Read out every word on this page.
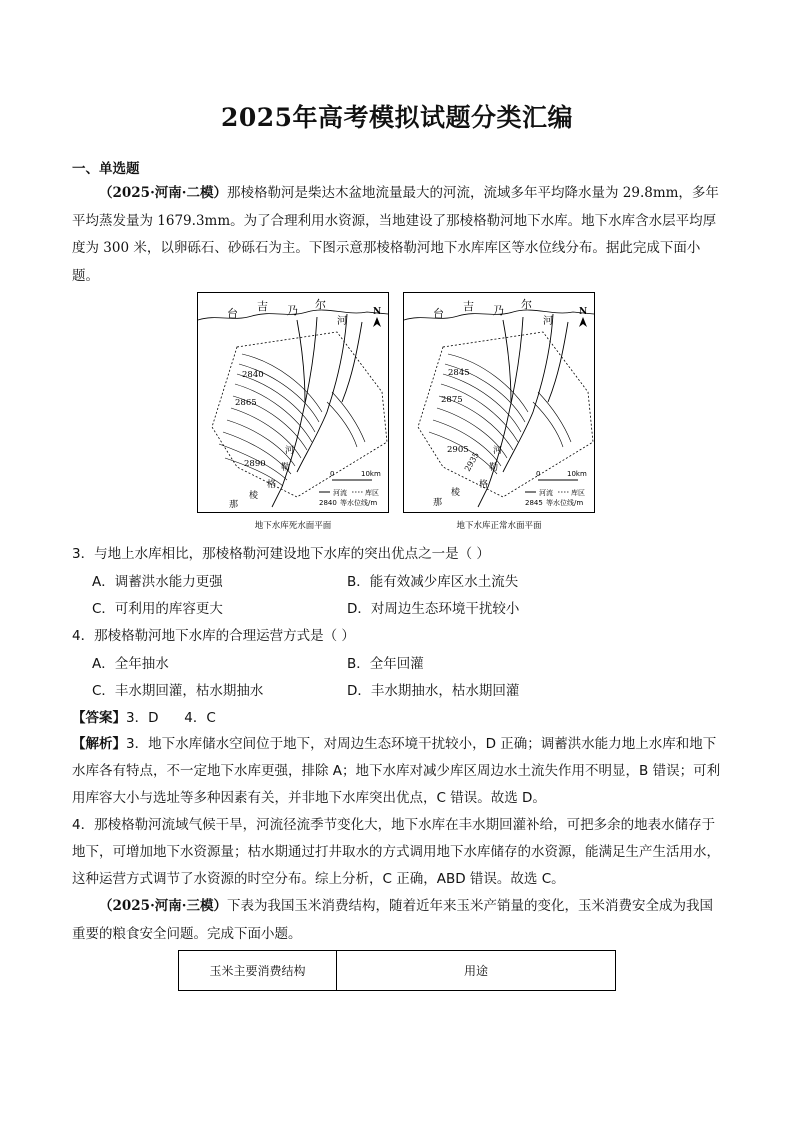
2025年高考模拟试题分类汇编
一、单选题
（2025·河南·二模）那棱格勒河是柴达木盆地流量最大的河流，流域多年平均降水量为 29.8mm，多年平均蒸发量为 1679.3mm。为了合理利用水资源，当地建设了那棱格勒河地下水库。地下水库含水层平均厚度为 300 米，以卵砾石、砂砾石为主。下图示意那棱格勒河地下水库库区等水位线分布。据此完成下面小题。
台
吉 乃 尔
河
N
2840
2865
2890
河
勒
格
棱
那
0	10km
河流	库区
2840 等水位线/m
台
吉 乃 尔
河
N
2845
2875
2905
2935 河
勒
格
棱
那
0	10km
河流	库区
2845 等水位线/m
地下水库死水面平面	地下水库正常水面平面
3．与地上水库相比，那棱格勒河建设地下水库的突出优点之一是（ ）
A．调蓄洪水能力更强	B．能有效减少库区水土流失
C．可利用的库容更大	D．对周边生态环境干扰较小
4．那棱格勒河地下水库的合理运营方式是（ ）
A．全年抽水	B．全年回灌
C．丰水期回灌，枯水期抽水	D．丰水期抽水，枯水期回灌
【答案】3．D      4．C
【解析】3．地下水库储水空间位于地下，对周边生态环境干扰较小，D 正确；调蓄洪水能力地上水库和地下水库各有特点，不一定地下水库更强，排除 A；地下水库对减少库区周边水土流失作用不明显，B 错误；可利用库容大小与选址等多种因素有关，并非地下水库突出优点，C 错误。故选 D。
4．那棱格勒河流域气候干旱，河流径流季节变化大，地下水库在丰水期回灌补给，可把多余的地表水储存于地下，可增加地下水资源量；枯水期通过打井取水的方式调用地下水库储存的水资源，能满足生产生活用水，这种运营方式调节了水资源的时空分布。综上分析，C 正确，ABD 错误。故选 C。
（2025·河南·三模）下表为我国玉米消费结构，随着近年来玉米产销量的变化，玉米消费安全成为我国重要的粮食安全问题。完成下面小题。
玉米主要消费结构	用途
